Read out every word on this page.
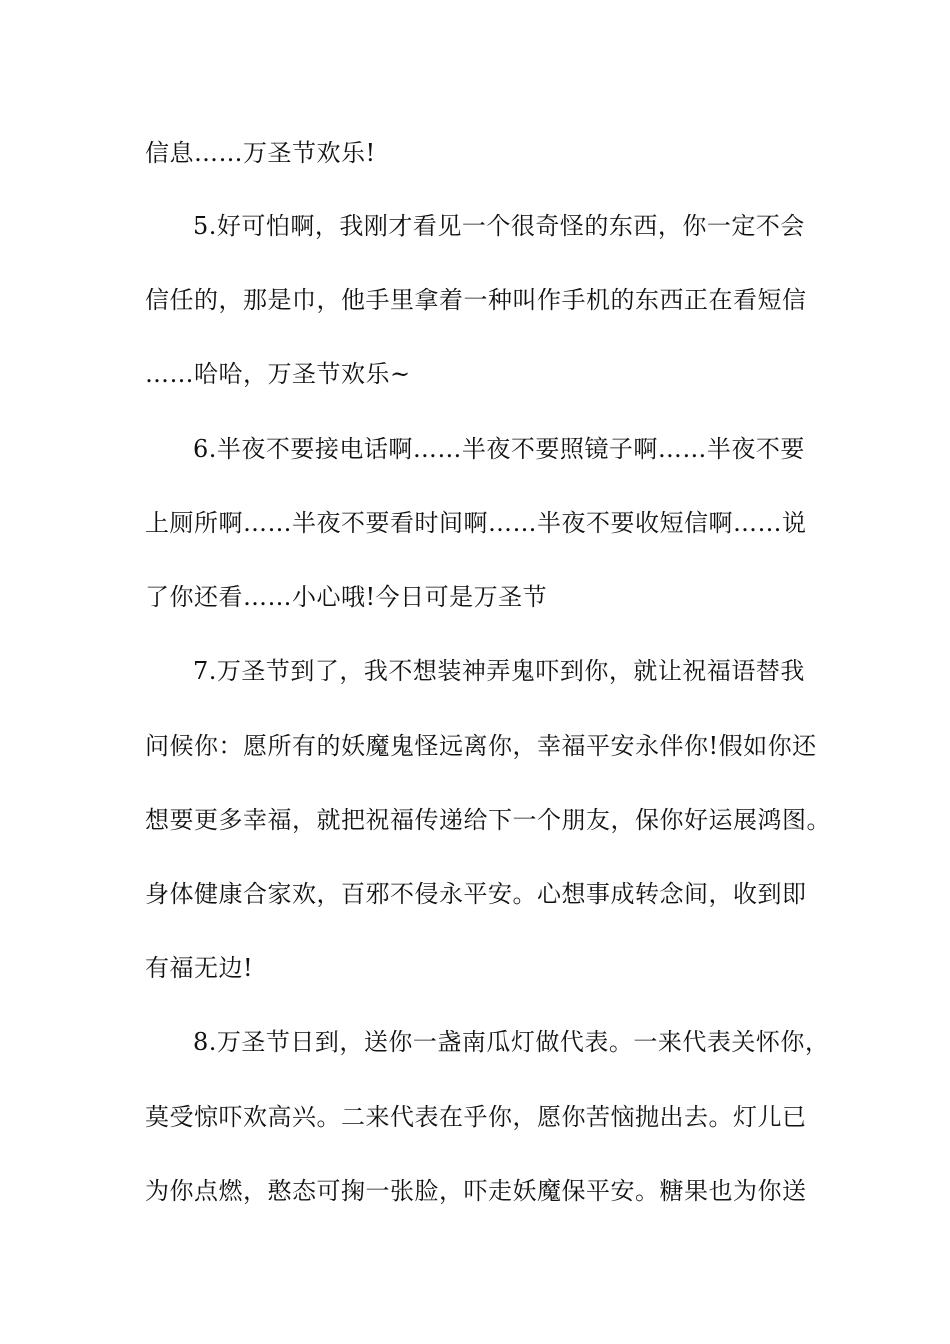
信息……万圣节欢乐!
5.好可怕啊，我刚才看见一个很奇怪的东西，你一定不会
信任的，那是巾，他手里拿着一种叫作手机的东西正在看短信
……哈哈，万圣节欢乐~
6.半夜不要接电话啊……半夜不要照镜子啊……半夜不要
上厕所啊……半夜不要看时间啊……半夜不要收短信啊……说
了你还看……小心哦!今日可是万圣节
7.万圣节到了，我不想装神弄鬼吓到你，就让祝福语替我
问候你：愿所有的妖魔鬼怪远离你，幸福平安永伴你!假如你还
想要更多幸福，就把祝福传递给下一个朋友，保你好运展鸿图。
身体健康合家欢，百邪不侵永平安。心想事成转念间，收到即
有福无边!
8.万圣节日到，送你一盏南瓜灯做代表。一来代表关怀你，
莫受惊吓欢高兴。二来代表在乎你，愿你苦恼抛出去。灯儿已
为你点燃，憨态可掬一张脸，吓走妖魔保平安。糖果也为你送
